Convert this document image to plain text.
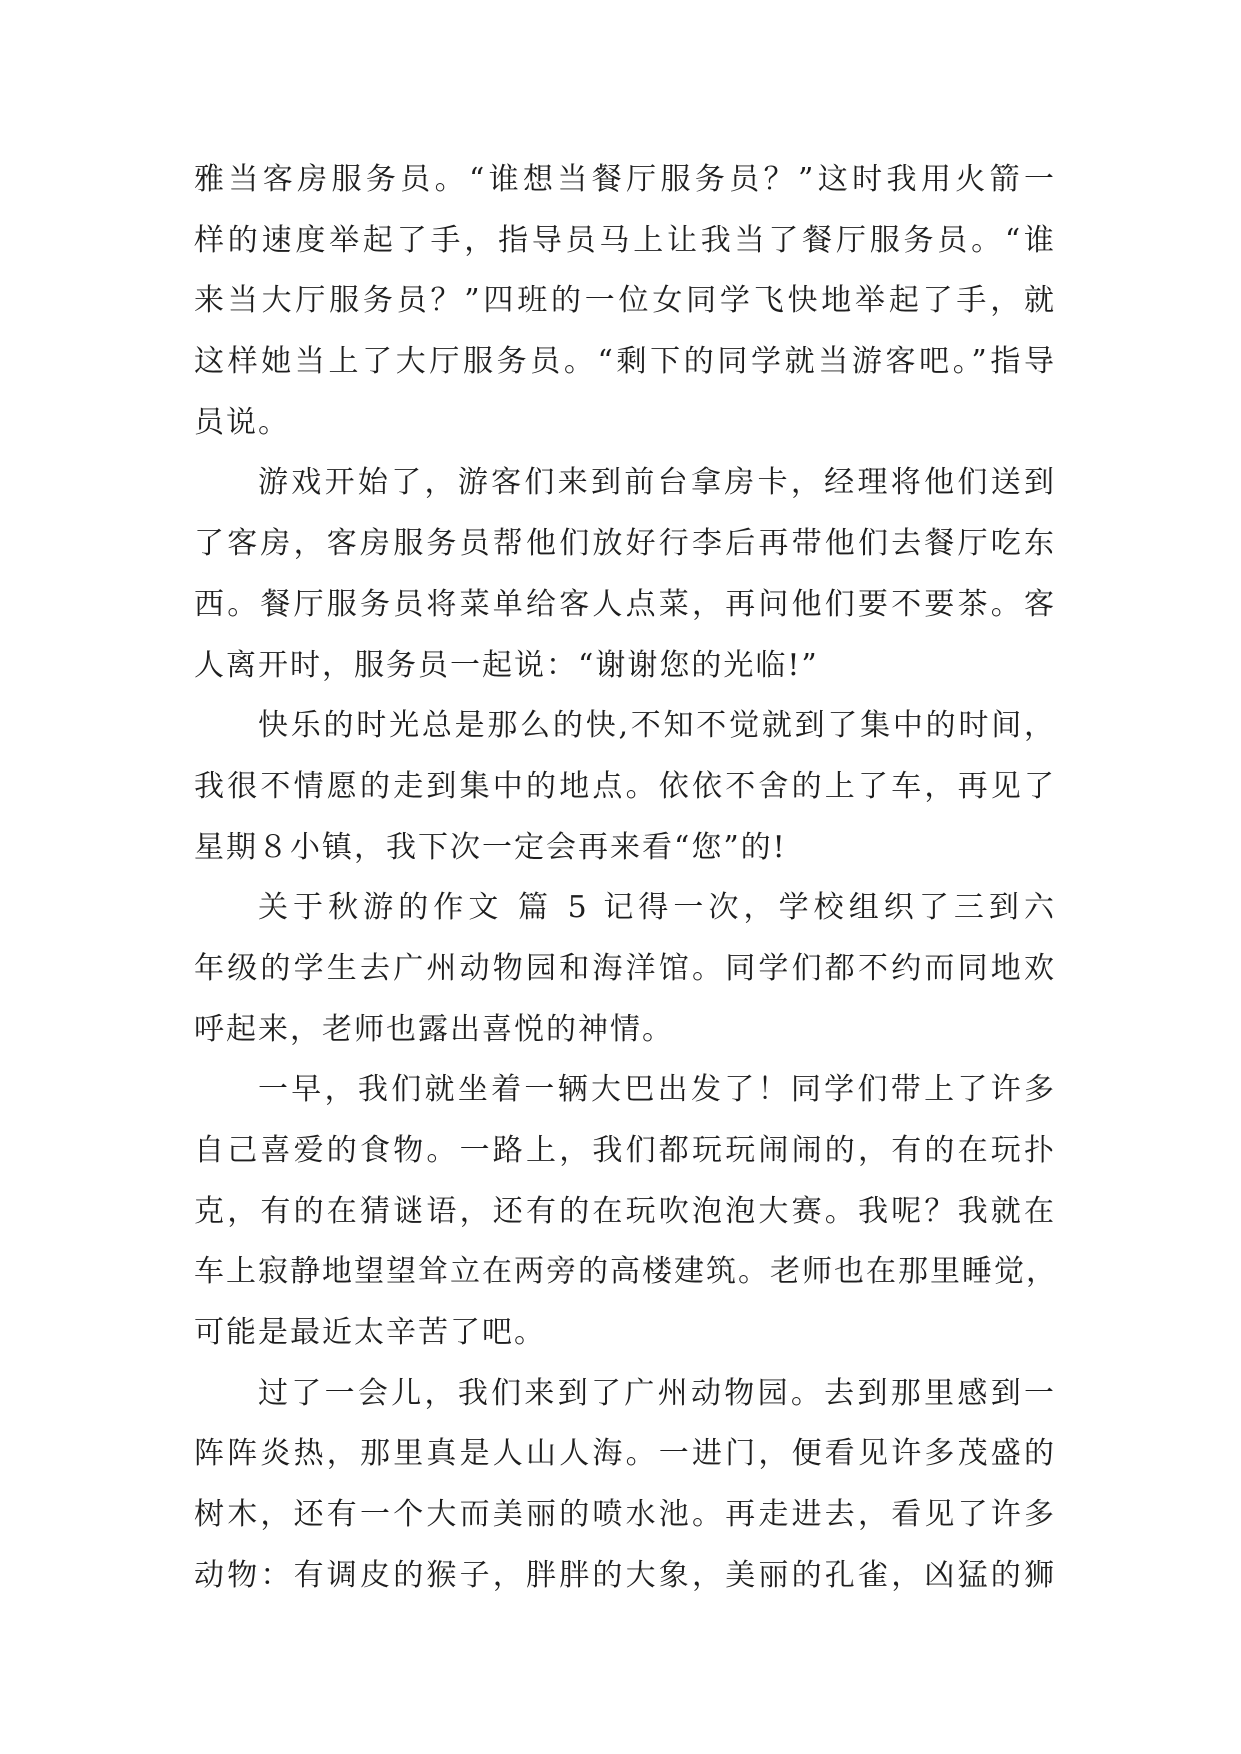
雅当客房服务员。“谁想当餐厅服务员？”这时我用火箭一
样的速度举起了手，指导员马上让我当了餐厅服务员。“谁
来当大厅服务员？”四班的一位女同学飞快地举起了手，就
这样她当上了大厅服务员。“剩下的同学就当游客吧。”指导
员说。
游戏开始了，游客们来到前台拿房卡，经理将他们送到
了客房，客房服务员帮他们放好行李后再带他们去餐厅吃东
西。餐厅服务员将菜单给客人点菜，再问他们要不要茶。客
人离开时，服务员一起说：“谢谢您的光临!”
快乐的时光总是那么的快,不知不觉就到了集中的时间，
我很不情愿的走到集中的地点。依依不舍的上了车，再见了
星期８小镇，我下次一定会再来看“您”的!
关于秋游的作文 篇 5 记得一次，学校组织了三到六
年级的学生去广州动物园和海洋馆。同学们都不约而同地欢
呼起来，老师也露出喜悦的神情。
一早，我们就坐着一辆大巴出发了！同学们带上了许多
自己喜爱的食物。一路上，我们都玩玩闹闹的，有的在玩扑
克，有的在猜谜语，还有的在玩吹泡泡大赛。我呢？我就在
车上寂静地望望耸立在两旁的高楼建筑。老师也在那里睡觉，
可能是最近太辛苦了吧。
过了一会儿，我们来到了广州动物园。去到那里感到一
阵阵炎热，那里真是人山人海。一进门，便看见许多茂盛的
树木，还有一个大而美丽的喷水池。再走进去，看见了许多
动物：有调皮的猴子，胖胖的大象，美丽的孔雀，凶猛的狮
